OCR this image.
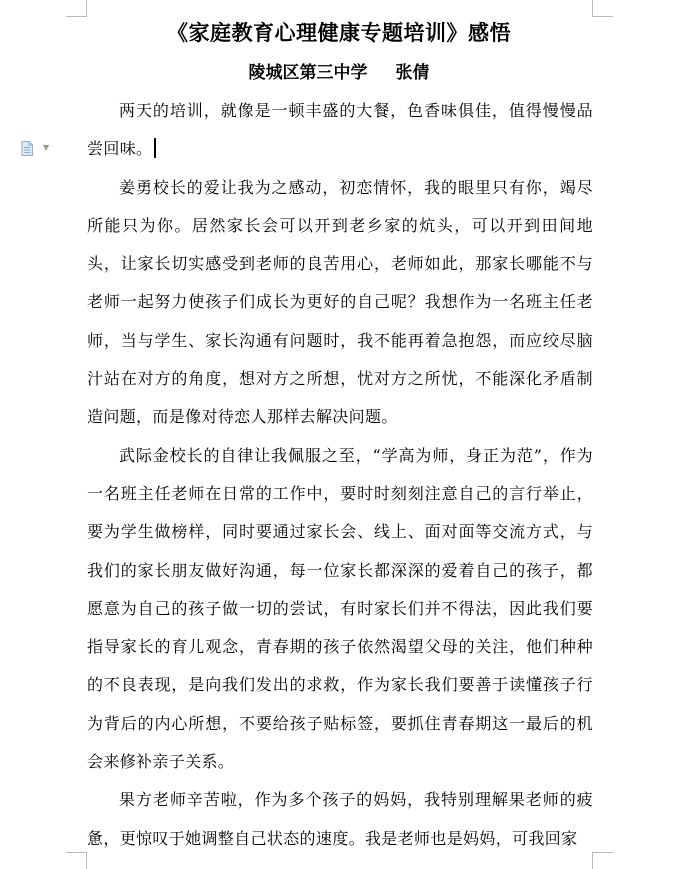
▼
《家庭教育心理健康专题培训》感悟
陵城区第三中学 张倩

两天的培训，就像是一顿丰盛的大餐，色香味俱佳，值得慢慢品尝回味。

姜勇校长的爱让我为之感动，初恋情怀，我的眼里只有你，竭尽所能只为你。居然家长会可以开到老乡家的炕头，可以开到田间地头，让家长切实感受到老师的良苦用心，老师如此，那家长哪能不与老师一起努力使孩子们成长为更好的自己呢？我想作为一名班主任老师，当与学生、家长沟通有问题时，我不能再着急抱怨，而应绞尽脑汁站在对方的角度，想对方之所想，忧对方之所忧，不能深化矛盾制造问题，而是像对待恋人那样去解决问题。

武际金校长的自律让我佩服之至，“学高为师，身正为范”，作为一名班主任老师在日常的工作中，要时时刻刻注意自己的言行举止，要为学生做榜样，同时要通过家长会、线上、面对面等交流方式，与我们的家长朋友做好沟通，每一位家长都深深的爱着自己的孩子，都愿意为自己的孩子做一切的尝试，有时家长们并不得法，因此我们要指导家长的育儿观念，青春期的孩子依然渴望父母的关注，他们种种的不良表现，是向我们发出的求救，作为家长我们要善于读懂孩子行为背后的内心所想，不要给孩子贴标签，要抓住青春期这一最后的机会来修补亲子关系。

果方老师辛苦啦，作为多个孩子的妈妈，我特别理解果老师的疲惫，更惊叹于她调整自己状态的速度。我是老师也是妈妈，可我回家
